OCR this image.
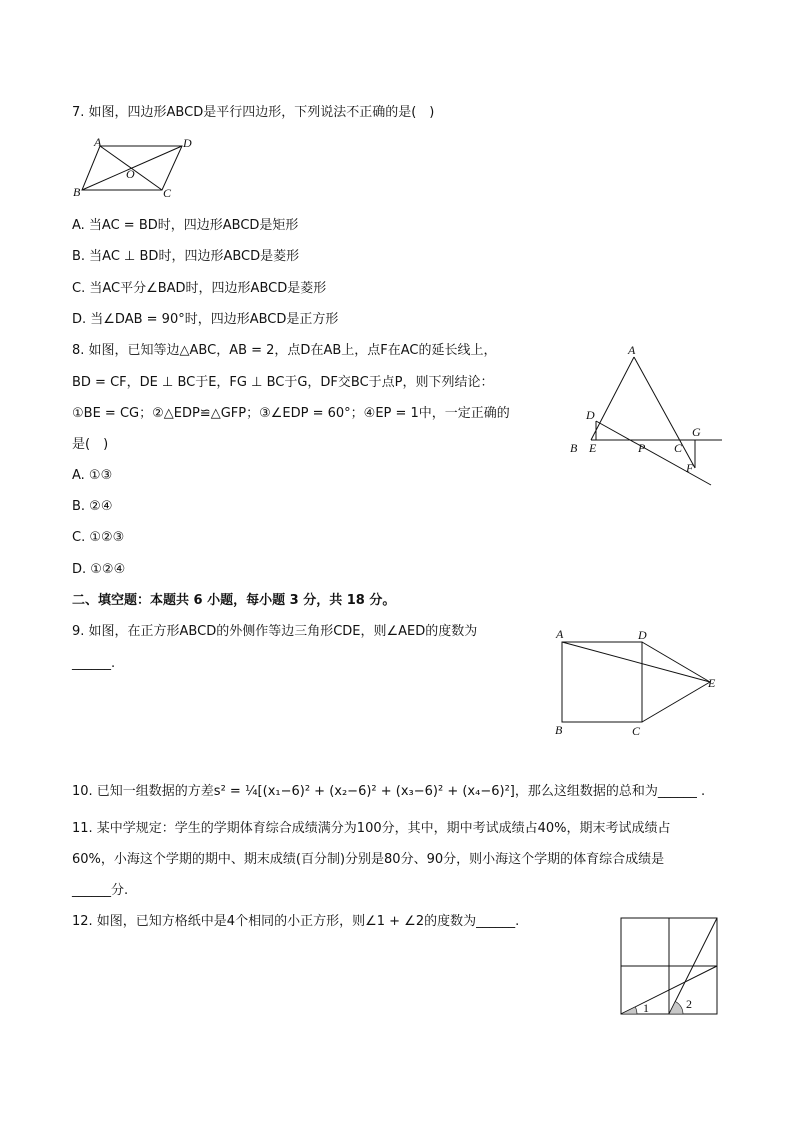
7. 如图，四边形ABCD是平行四边形，下列说法不正确的是(　)
A	D
B	C
O
A. 当AC = BD时，四边形ABCD是矩形
B. 当AC ⊥ BD时，四边形ABCD是菱形
C. 当AC平分∠BAD时，四边形ABCD是菱形
D. 当∠DAB = 90°时，四边形ABCD是正方形
8. 如图，已知等边△ABC，AB = 2，点D在AB上，点F在AC的延长线上，
BD = CF，DE ⊥ BC于E，FG ⊥ BC于G，DF交BC于点P，则下列结论：
①BE = CG；②△EDP≌△GFP；③∠EDP = 60°；④EP = 1中，一定正确的
是(　)
A. ①③
B. ②④
C. ①②③
D. ①②④
A
D
B E	P C
G
F
二、填空题：本题共 6 小题，每小题 3 分，共 18 分。
9. 如图，在正方形ABCD的外侧作等边三角形CDE，则∠AED的度数为
______.
A	D
B	C
E
10. 已知一组数据的方差s² = ¼[(x₁−6)² + (x₂−6)² + (x₃−6)² + (x₄−6)²]，那么这组数据的总和为______ .
11. 某中学规定：学生的学期体育综合成绩满分为100分，其中，期中考试成绩占40%，期末考试成绩占
60%，小海这个学期的期中、期末成绩(百分制)分别是80分、90分，则小海这个学期的体育综合成绩是
______分.
12. 如图，已知方格纸中是4个相同的小正方形，则∠1 + ∠2的度数为______.
1	2
